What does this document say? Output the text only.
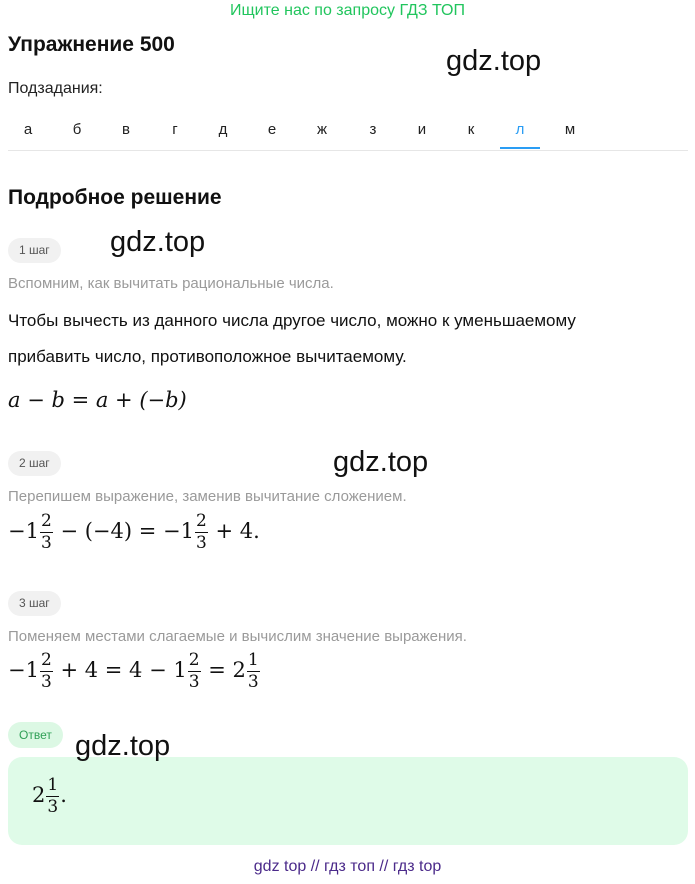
Ищите нас по запросу ГДЗ ТОП
Упражнение 500
gdz.top
Подзадания:
а	б	в	г	д	е	ж	з	и	к	л	м
Подробное решение
1 шаг	gdz.top
Вспомним, как вычитать рациональные числа.
Чтобы вычесть из данного числа другое число, можно к уменьшаемому
прибавить число, противоположное вычитаемому.
a − b = a + (−b)
2 шаг	gdz.top
Перепишем выражение, заменив вычитание сложением.
$-1 \frac{2}{3} - (-4) = -1 \frac{2}{3} + 4$.
3 шаг
Поменяем местами слагаемые и вычислим значение выражения.
$-1 \frac{2}{3} + 4 = 4 - 1 \frac{2}{3} = 2 \frac{1}{3}$
Ответ
$2 \frac{1}{3}$ .
gdz.top
gdz top // гдз топ // гдз top
